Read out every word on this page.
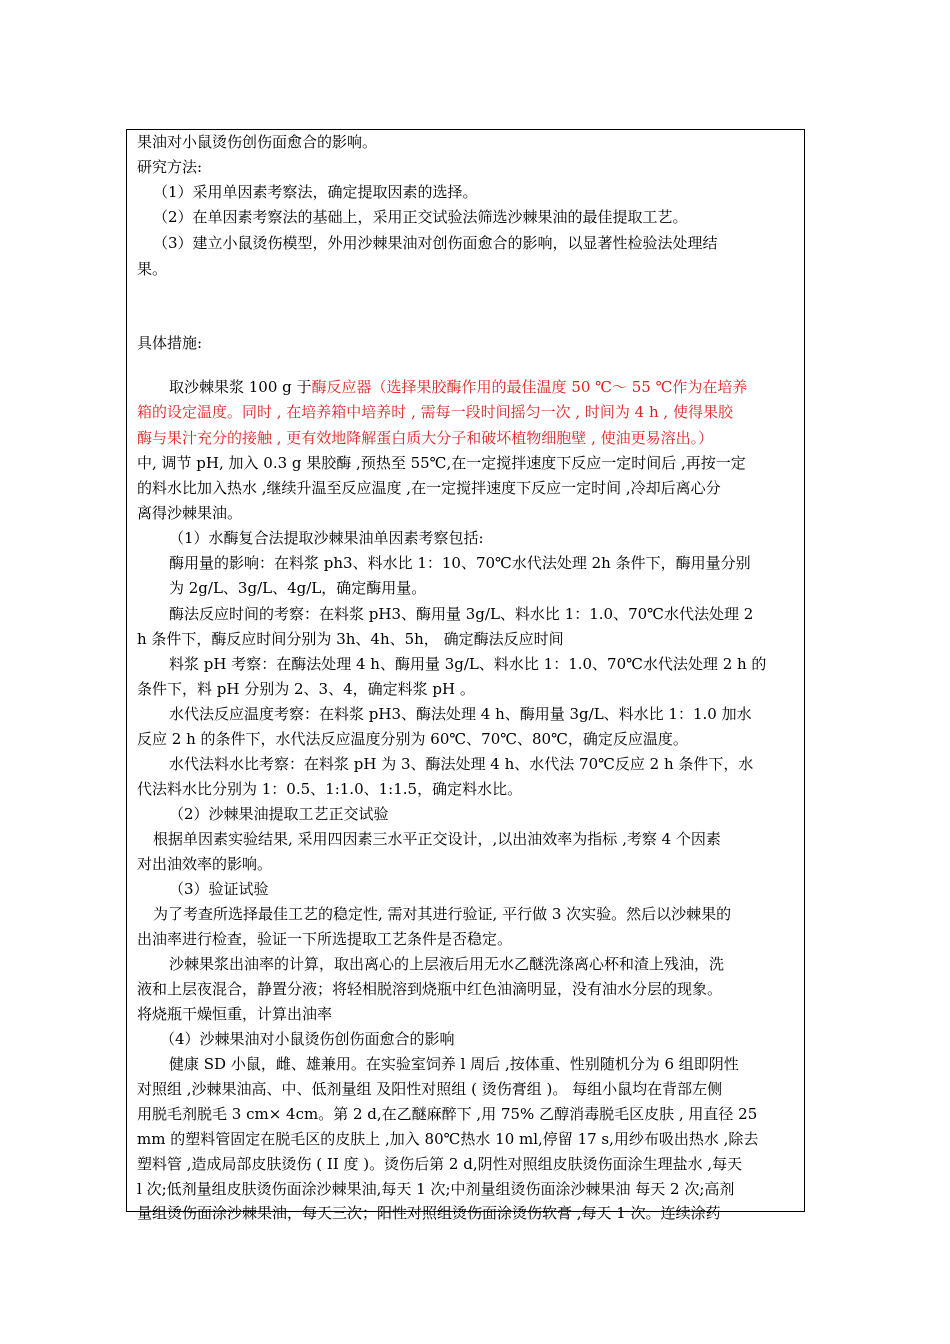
果油对小鼠烫伤创伤面愈合的影响。
研究方法:
（1）采用单因素考察法，确定提取因素的选择。
（2）在单因素考察法的基础上，采用正交试验法筛选沙棘果油的最佳提取工艺。
（3）建立小鼠烫伤模型，外用沙棘果油对创伤面愈合的影响，以显著性检验法处理结
果。
具体措施:
取沙棘果浆 100 g 于酶反应器（选择果胶酶作用的最佳温度 50 ℃～ 55 ℃作为在培养
箱的设定温度。同时 , 在培养箱中培养时 , 需每一段时间摇匀一次 , 时间为 4 h , 使得果胶
酶与果汁充分的接触 , 更有效地降解蛋白质大分子和破坏植物细胞壁 , 使油更易溶出。）
中, 调节 pH, 加入 0.3 g 果胶酶 ,预热至 55℃,在一定搅拌速度下反应一定时间后 ,再按一定
的料水比加入热水 ,继续升温至反应温度 ,在一定搅拌速度下反应一定时间 ,冷却后离心分
离得沙棘果油。
（1）水酶复合法提取沙棘果油单因素考察包括:
酶用量的影响：在料浆 ph3、料水比 1：10、70℃水代法处理 2h 条件下，酶用量分别
为 2g/L、3g/L、4g/L，确定酶用量。
酶法反应时间的考察：在料浆 pH3、酶用量 3g/L、料水比 1：1.0、70℃水代法处理 2
h 条件下，酶反应时间分别为 3h、4h、5h， 确定酶法反应时间
料浆 pH 考察：在酶法处理 4 h、酶用量 3g/L、料水比 1：1.0、70℃水代法处理 2 h 的
条件下，料 pH 分别为 2、3、4，确定料浆 pH 。
水代法反应温度考察：在料浆 pH3、酶法处理 4 h、酶用量 3g/L、料水比 1：1.0 加水
反应 2 h 的条件下，水代法反应温度分别为 60℃、70℃、80℃，确定反应温度。
水代法料水比考察：在料浆 pH 为 3、酶法处理 4 h、水代法 70℃反应 2 h 条件下，水
代法料水比分别为 1：0.5、1:1.0、1:1.5，确定料水比。
（2）沙棘果油提取工艺正交试验
根据单因素实验结果, 采用四因素三水平正交设计，,以出油效率为指标 ,考察 4 个因素
对出油效率的影响。
（3）验证试验
为了考查所选择最佳工艺的稳定性, 需对其进行验证, 平行做 3 次实验。然后以沙棘果的
出油率进行检查，验证一下所选提取工艺条件是否稳定。
沙棘果浆出油率的计算，取出离心的上层液后用无水乙醚洗涤离心杯和渣上残油，洗
液和上层夜混合，静置分液；将轻相脱溶到烧瓶中红色油滴明显，没有油水分层的现象。
将烧瓶干燥恒重，计算出油率
（4）沙棘果油对小鼠烫伤创伤面愈合的影响
健康 SD 小鼠，雌、雄兼用。在实验室饲养 l 周后 ,按体重、性别随机分为 6 组即阴性
对照组 ,沙棘果油高、中、低剂量组 及阳性对照组 ( 烫伤膏组 )。 每组小鼠均在背部左侧
用脱毛剂脱毛 3 cm× 4cm。第 2 d,在乙醚麻醉下 ,用 75% 乙醇消毒脱毛区皮肤 , 用直径 25
mm 的塑料管固定在脱毛区的皮肤上 ,加入 80℃热水 10 ml,停留 17 s,用纱布吸出热水 ,除去
塑料管 ,造成局部皮肤烫伤 ( II 度 )。烫伤后第 2 d,阴性对照组皮肤烫伤面涂生理盐水 ,每天
l 次;低剂量组皮肤烫伤面涂沙棘果油,每天 1 次;中剂量组烫伤面涂沙棘果油 每天 2 次;高剂
量组烫伤面涂沙棘果油，每天三次；阳性对照组烫伤面涂烫伤软膏 ,每天 1 次。连续涂药
